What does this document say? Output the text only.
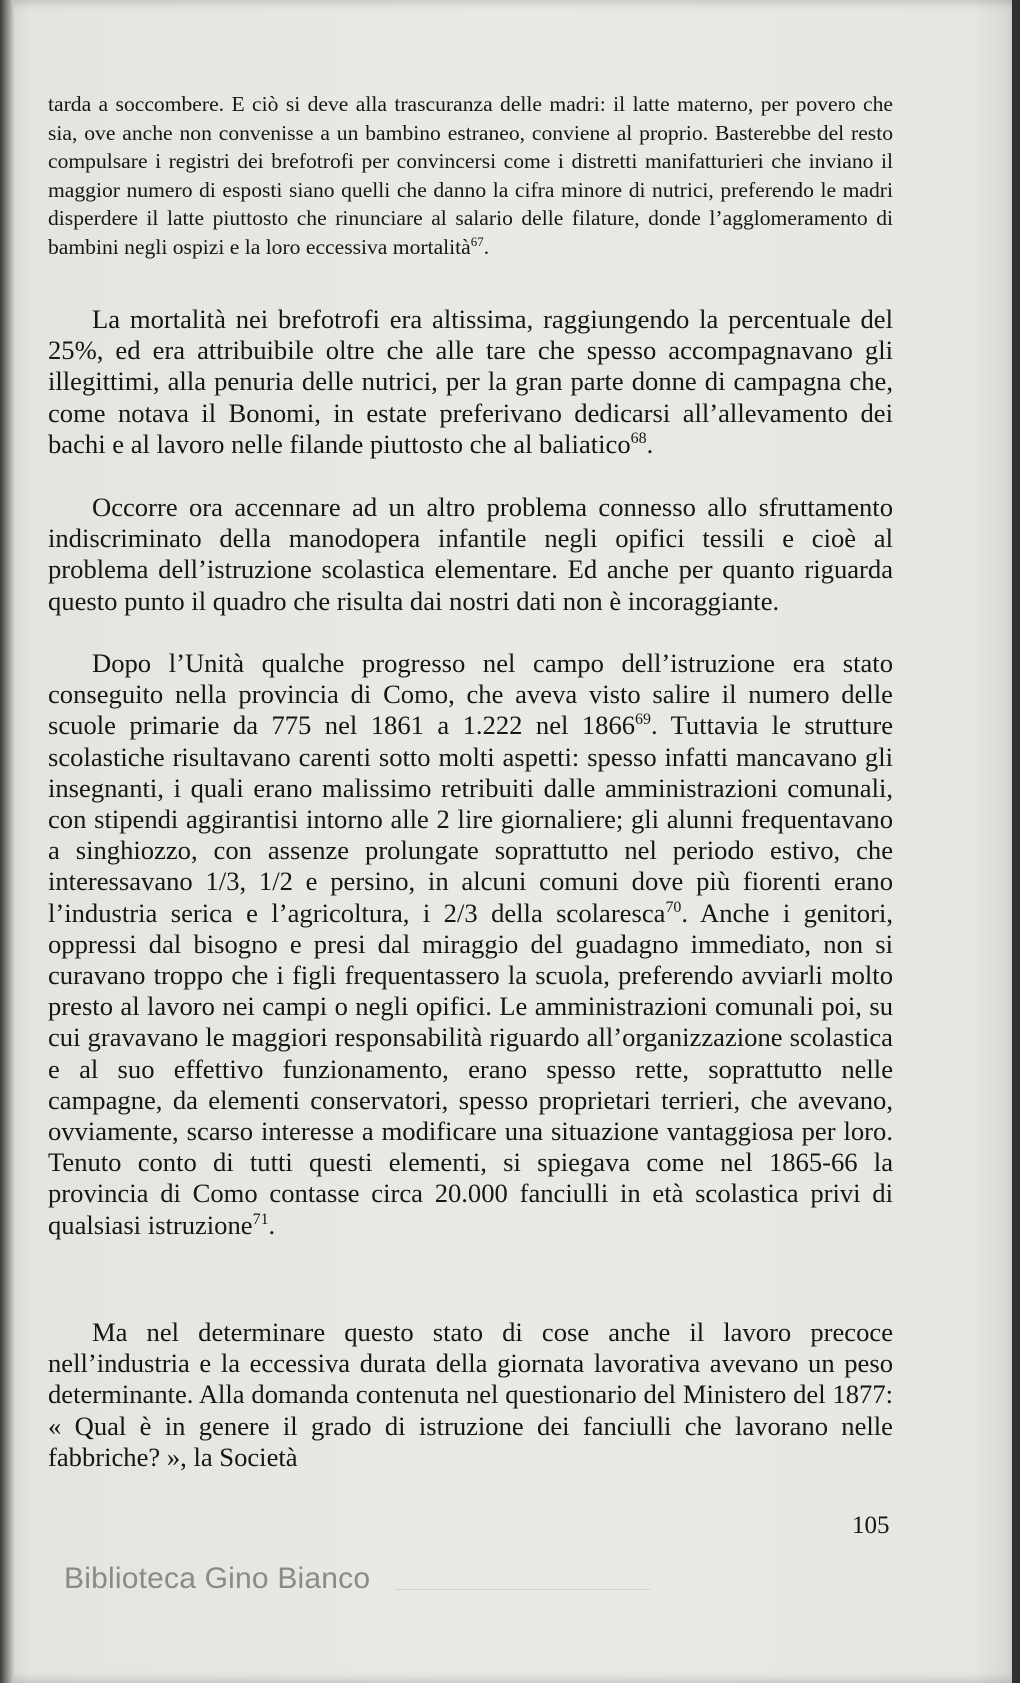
tarda a soccombere. E ciò si deve alla trascuranza delle madri: il latte materno, per povero che sia, ove anche non convenisse a un bambino estraneo, conviene al proprio. Basterebbe del resto compulsare i registri dei brefotrofi per convincersi come i distretti manifatturieri che inviano il maggior numero di esposti siano quelli che danno la cifra minore di nutrici, preferendo le madri disperdere il latte piuttosto che rinunciare al salario delle filature, donde l’agglomeramento di bambini negli ospizi e la loro eccessiva mortalità$^{67}$.

La mortalità nei brefotrofi era altissima, raggiungendo la percentuale del 25%, ed era attribuibile oltre che alle tare che spesso accompagnavano gli illegittimi, alla penuria delle nutrici, per la gran parte donne di campagna che, come notava il Bonomi, in estate preferivano dedicarsi all’allevamento dei bachi e al lavoro nelle filande piuttosto che al baliatico$^{68}$.

Occorre ora accennare ad un altro problema connesso allo sfruttamento indiscriminato della manodopera infantile negli opifici tessili e cioè al problema dell’istruzione scolastica elementare. Ed anche per quanto riguarda questo punto il quadro che risulta dai nostri dati non è incoraggiante.

Dopo l’Unità qualche progresso nel campo dell’istruzione era stato conseguito nella provincia di Como, che aveva visto salire il numero delle scuole primarie da 775 nel 1861 a 1.222 nel 1866$^{69}$. Tuttavia le strutture scolastiche risultavano carenti sotto molti aspetti: spesso infatti mancavano gli insegnanti, i quali erano malissimo retribuiti dalle amministrazioni comunali, con stipendi aggirantisi intorno alle 2 lire giornaliere; gli alunni frequentavano a singhiozzo, con assenze prolungate soprattutto nel periodo estivo, che interessavano 1/3, 1/2 e persino, in alcuni comuni dove più fiorenti erano l’industria serica e l’agricoltura, i 2/3 della scolaresca$^{70}$. Anche i genitori, oppressi dal bisogno e presi dal miraggio del guadagno immediato, non si curavano troppo che i figli frequentassero la scuola, preferendo avviarli molto presto al lavoro nei campi o negli opifici. Le amministrazioni comunali poi, su cui gravavano le maggiori responsabilità riguardo all’organizzazione scolastica e al suo effettivo funzionamento, erano spesso rette, soprattutto nelle campagne, da elementi conservatori, spesso proprietari terrieri, che avevano, ovviamente, scarso interesse a modificare una situazione vantaggiosa per loro. Tenuto conto di tutti questi elementi, si spiegava come nel 1865-66 la provincia di Como contasse circa 20.000 fanciulli in età scolastica privi di qualsiasi istruzione$^{71}$.

Ma nel determinare questo stato di cose anche il lavoro precoce nell’industria e la eccessiva durata della giornata lavorativa avevano un peso determinante. Alla domanda contenuta nel questionario del Ministero del 1877: « Qual è in genere il grado di istruzione dei fanciulli che lavorano nelle fabbriche? », la Società

105
Biblioteca Gino Bianco
